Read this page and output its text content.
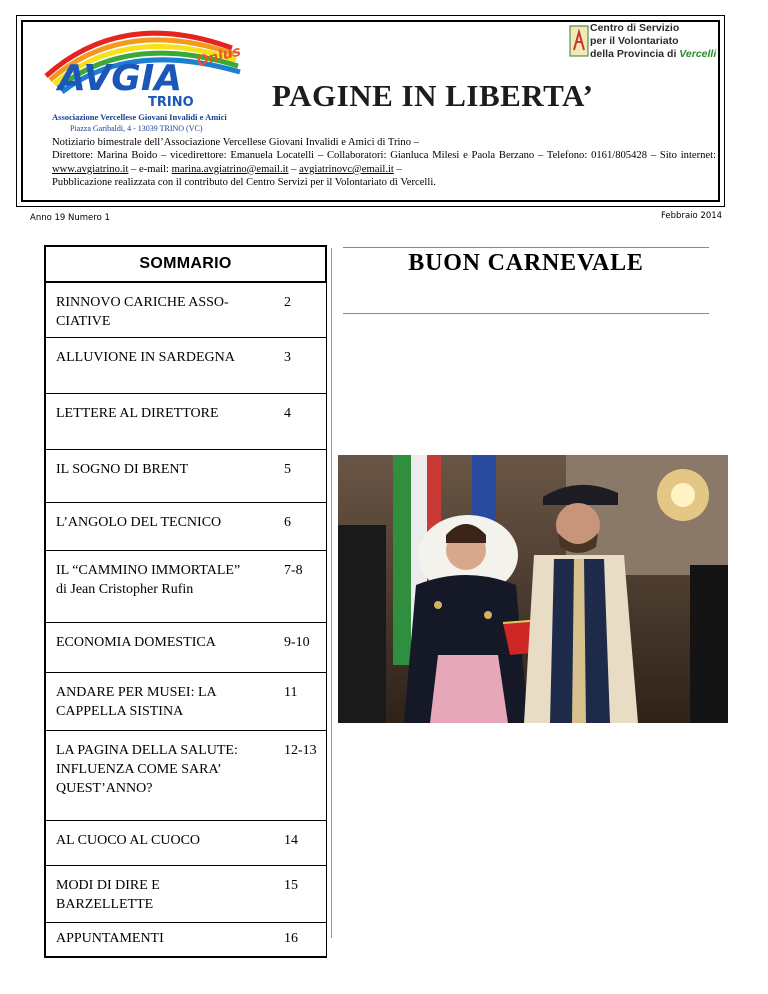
AVGIA
Onlus
TRINO
Associazione Vercellese Giovani Invalidi e Amici
Piazza Garibaldi, 4 - 13039 TRINO (VC)
Centro di Servizio
per il Volontariato
della Provincia di Vercelli
PAGINE IN LIBERTA’
Notiziario bimestrale dell’Associazione Vercellese Giovani Invalidi e Amici di Trino –
Direttore: Marina Boido – vicedirettore: Emanuela Locatelli – Collaboratori: Gianluca Milesi e Paola Berzano – Telefono: 0161/805428 – Sito internet: www.avgiatrino.it – e-mail: marina.avgiatrino@email.it – avgiatrinovc@email.it –
Pubblicazione realizzata con il contributo del Centro Servizi per il Volontariato di Vercelli.
Anno 19 Numero 1	Febbraio 2014
SOMMARIO
RINNOVO CARICHE ASSO-
CIATIVE
2
ALLUVIONE IN SARDEGNA	3
LETTERE AL DIRETTORE	4
IL SOGNO DI BRENT	5
L’ANGOLO DEL TECNICO	6
IL “CAMMINO IMMORTALE”
di Jean Cristopher Rufin
7-8
ECONOMIA DOMESTICA	9-10
ANDARE PER MUSEI: LA
CAPPELLA SISTINA
11
LA PAGINA DELLA SALUTE:
INFLUENZA COME SARA’
QUEST’ANNO?
12-13
AL CUOCO AL CUOCO	14
MODI DI DIRE E
BARZELLETTE
15
APPUNTAMENTI	16
BUON CARNEVALE
